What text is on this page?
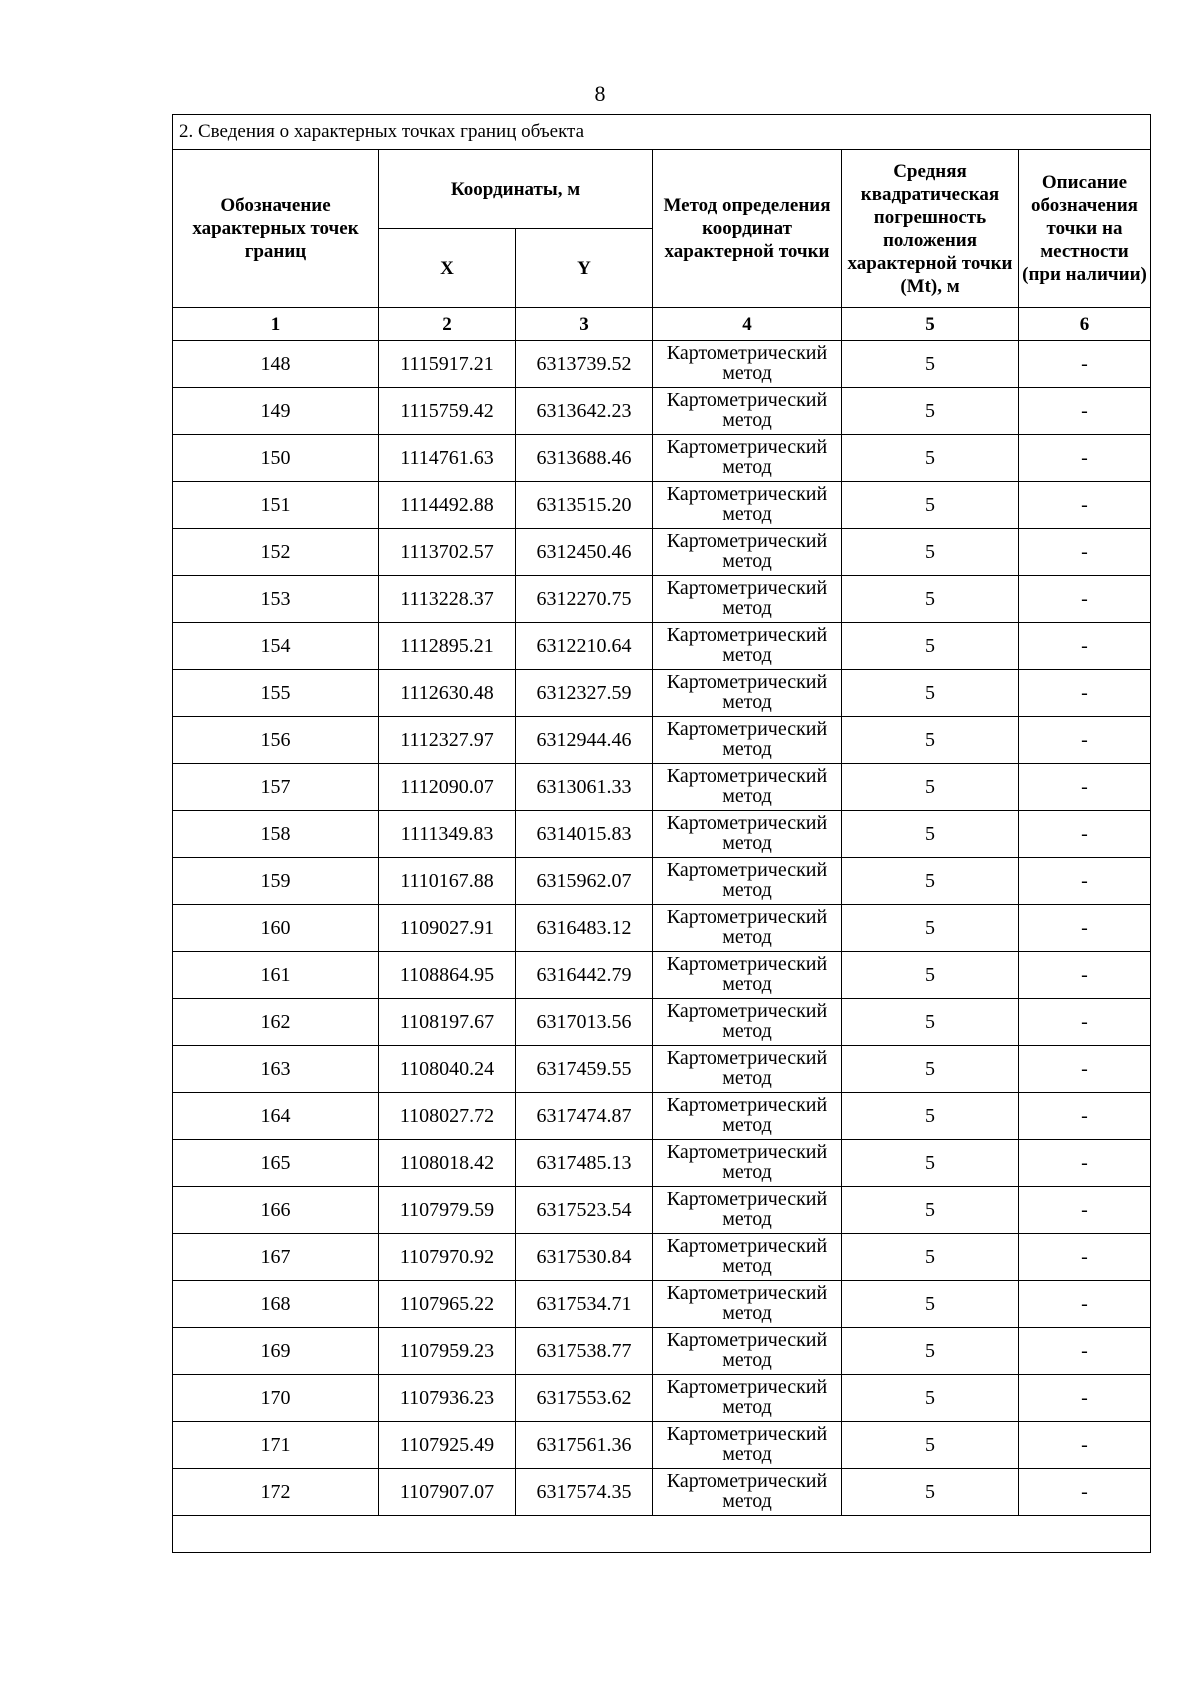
8
2. Сведения о характерных точках границ объекта					
Обозначение характерных точек границ	Координаты, м		Метод определения координат характерной точки	Средняя квадратическая погрешность положения характерной точки (Mt), м	Описание обозначения точки на местности (при наличии)
	X	Y			
1	2	3	4	5	6
148	1115917.21	6313739.52	Картометрический метод	5	-
149	1115759.42	6313642.23	Картометрический метод	5	-
150	1114761.63	6313688.46	Картометрический метод	5	-
151	1114492.88	6313515.20	Картометрический метод	5	-
152	1113702.57	6312450.46	Картометрический метод	5	-
153	1113228.37	6312270.75	Картометрический метод	5	-
154	1112895.21	6312210.64	Картометрический метод	5	-
155	1112630.48	6312327.59	Картометрический метод	5	-
156	1112327.97	6312944.46	Картометрический метод	5	-
157	1112090.07	6313061.33	Картометрический метод	5	-
158	1111349.83	6314015.83	Картометрический метод	5	-
159	1110167.88	6315962.07	Картометрический метод	5	-
160	1109027.91	6316483.12	Картометрический метод	5	-
161	1108864.95	6316442.79	Картометрический метод	5	-
162	1108197.67	6317013.56	Картометрический метод	5	-
163	1108040.24	6317459.55	Картометрический метод	5	-
164	1108027.72	6317474.87	Картометрический метод	5	-
165	1108018.42	6317485.13	Картометрический метод	5	-
166	1107979.59	6317523.54	Картометрический метод	5	-
167	1107970.92	6317530.84	Картометрический метод	5	-
168	1107965.22	6317534.71	Картометрический метод	5	-
169	1107959.23	6317538.77	Картометрический метод	5	-
170	1107936.23	6317553.62	Картометрический метод	5	-
171	1107925.49	6317561.36	Картометрический метод	5	-
172	1107907.07	6317574.35	Картометрический метод	5	-
